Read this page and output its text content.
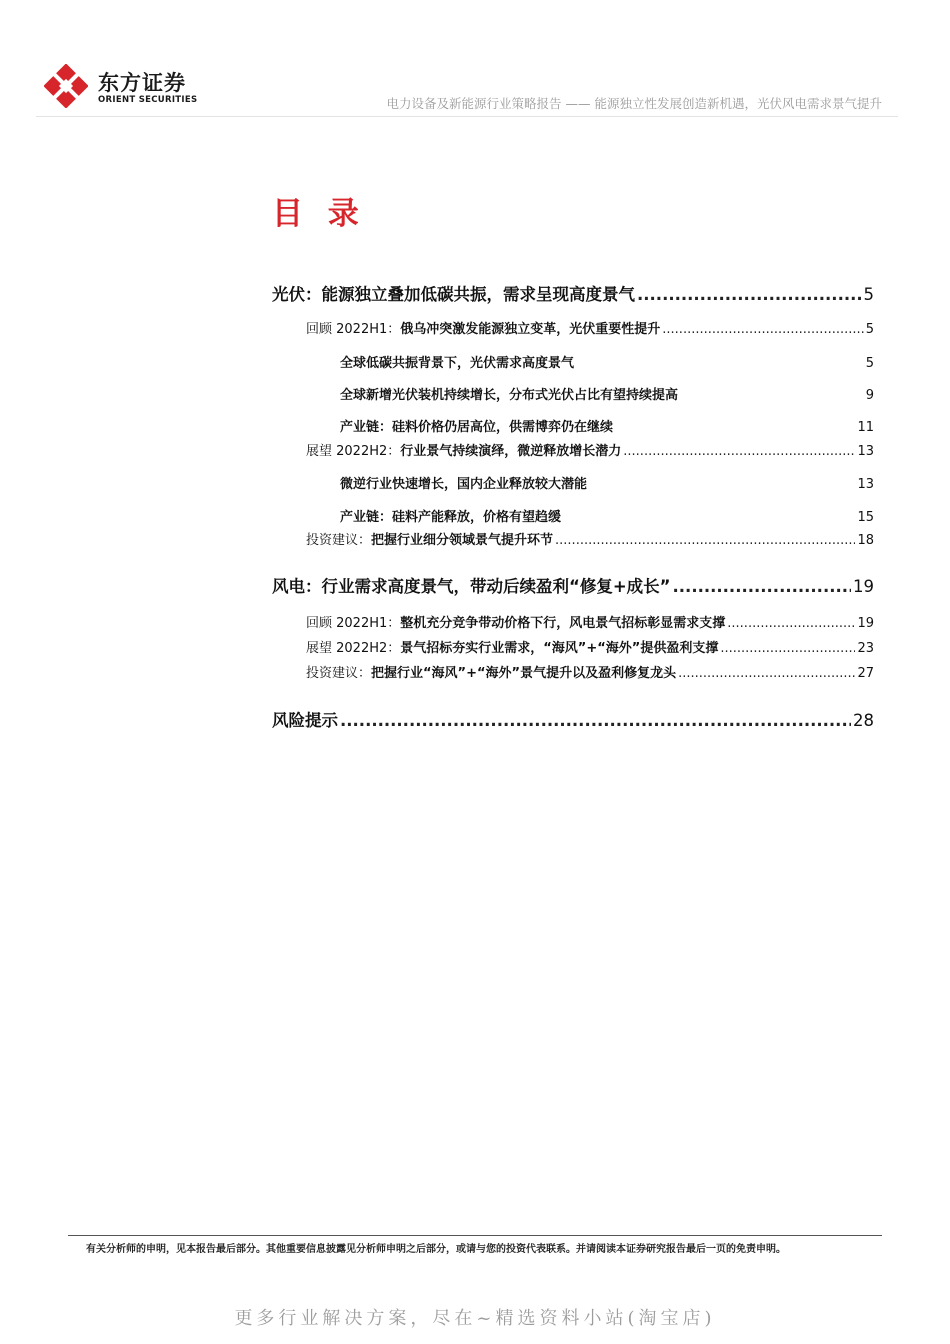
东方证券
ORIENT SECURITIES	电力设备及新能源行业策略报告 —— 能源独立性发展创造新机遇，光伏风电需求景气提升
目 录
光伏：能源独立叠加低碳共振，需求呈现高度景气 .....	5
回顾 2022H1：俄乌冲突激发能源独立变革，光伏重要性提升 .....	5
全球低碳共振背景下，光伏需求高度景气	5
全球新增光伏装机持续增长，分布式光伏占比有望持续提高	9
产业链：硅料价格仍居高位，供需博弈仍在继续	11
展望 2022H2：行业景气持续演绎，微逆释放增长潜力 .....	13
微逆行业快速增长，国内企业释放较大潜能	13
产业链：硅料产能释放，价格有望趋缓	15
投资建议：把握行业细分领域景气提升环节 .....	18
风电：行业需求高度景气，带动后续盈利“修复+成长” .....	19
回顾 2022H1：整机充分竞争带动价格下行，风电景气招标彰显需求支撑 .....	19
展望 2022H2：景气招标夯实行业需求，“海风”+“海外”提供盈利支撑 .....	23
投资建议：把握行业“海风”+“海外”景气提升以及盈利修复龙头 .....	27
风险提示 .....	28
有关分析师的申明，见本报告最后部分。其他重要信息披露见分析师申明之后部分，或请与您的投资代表联系。并请阅读本证券研究报告最后一页的免责申明。
更多行业解决方案，尽在~精选资料小站(淘宝店)
